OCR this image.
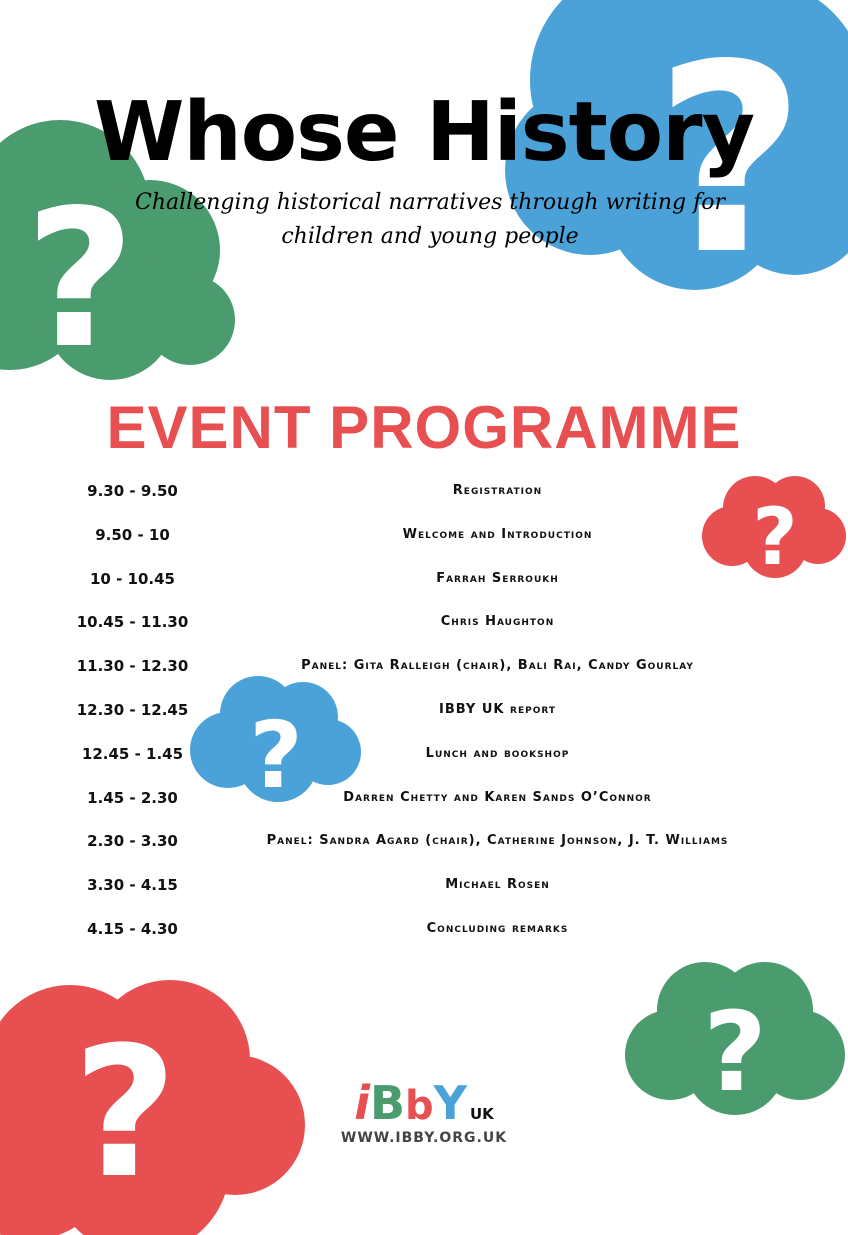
? ?
?
?
?	?
Whose History

Challenging historical narratives through writing for children and young people

EVENT PROGRAMME
9.30 - 9.50	Registration
9.50 - 10	Welcome and Introduction
10 - 10.45	Farrah Serroukh
10.45 - 11.30	Chris Haughton
11.30 - 12.30	Panel: Gita Ralleigh (chair), Bali Rai, Candy Gourlay
12.30 - 12.45	IBBY UK report
12.45 - 1.45	Lunch and bookshop
1.45 - 2.30	Darren Chetty and Karen Sands O’Connor
2.30 - 3.30	Panel: Sandra Agard (chair), Catherine Johnson, J. T. Williams
3.30 - 4.15	Michael Rosen
4.15 - 4.30	Concluding remarks
iBbY UK
WWW.IBBY.ORG.UK
